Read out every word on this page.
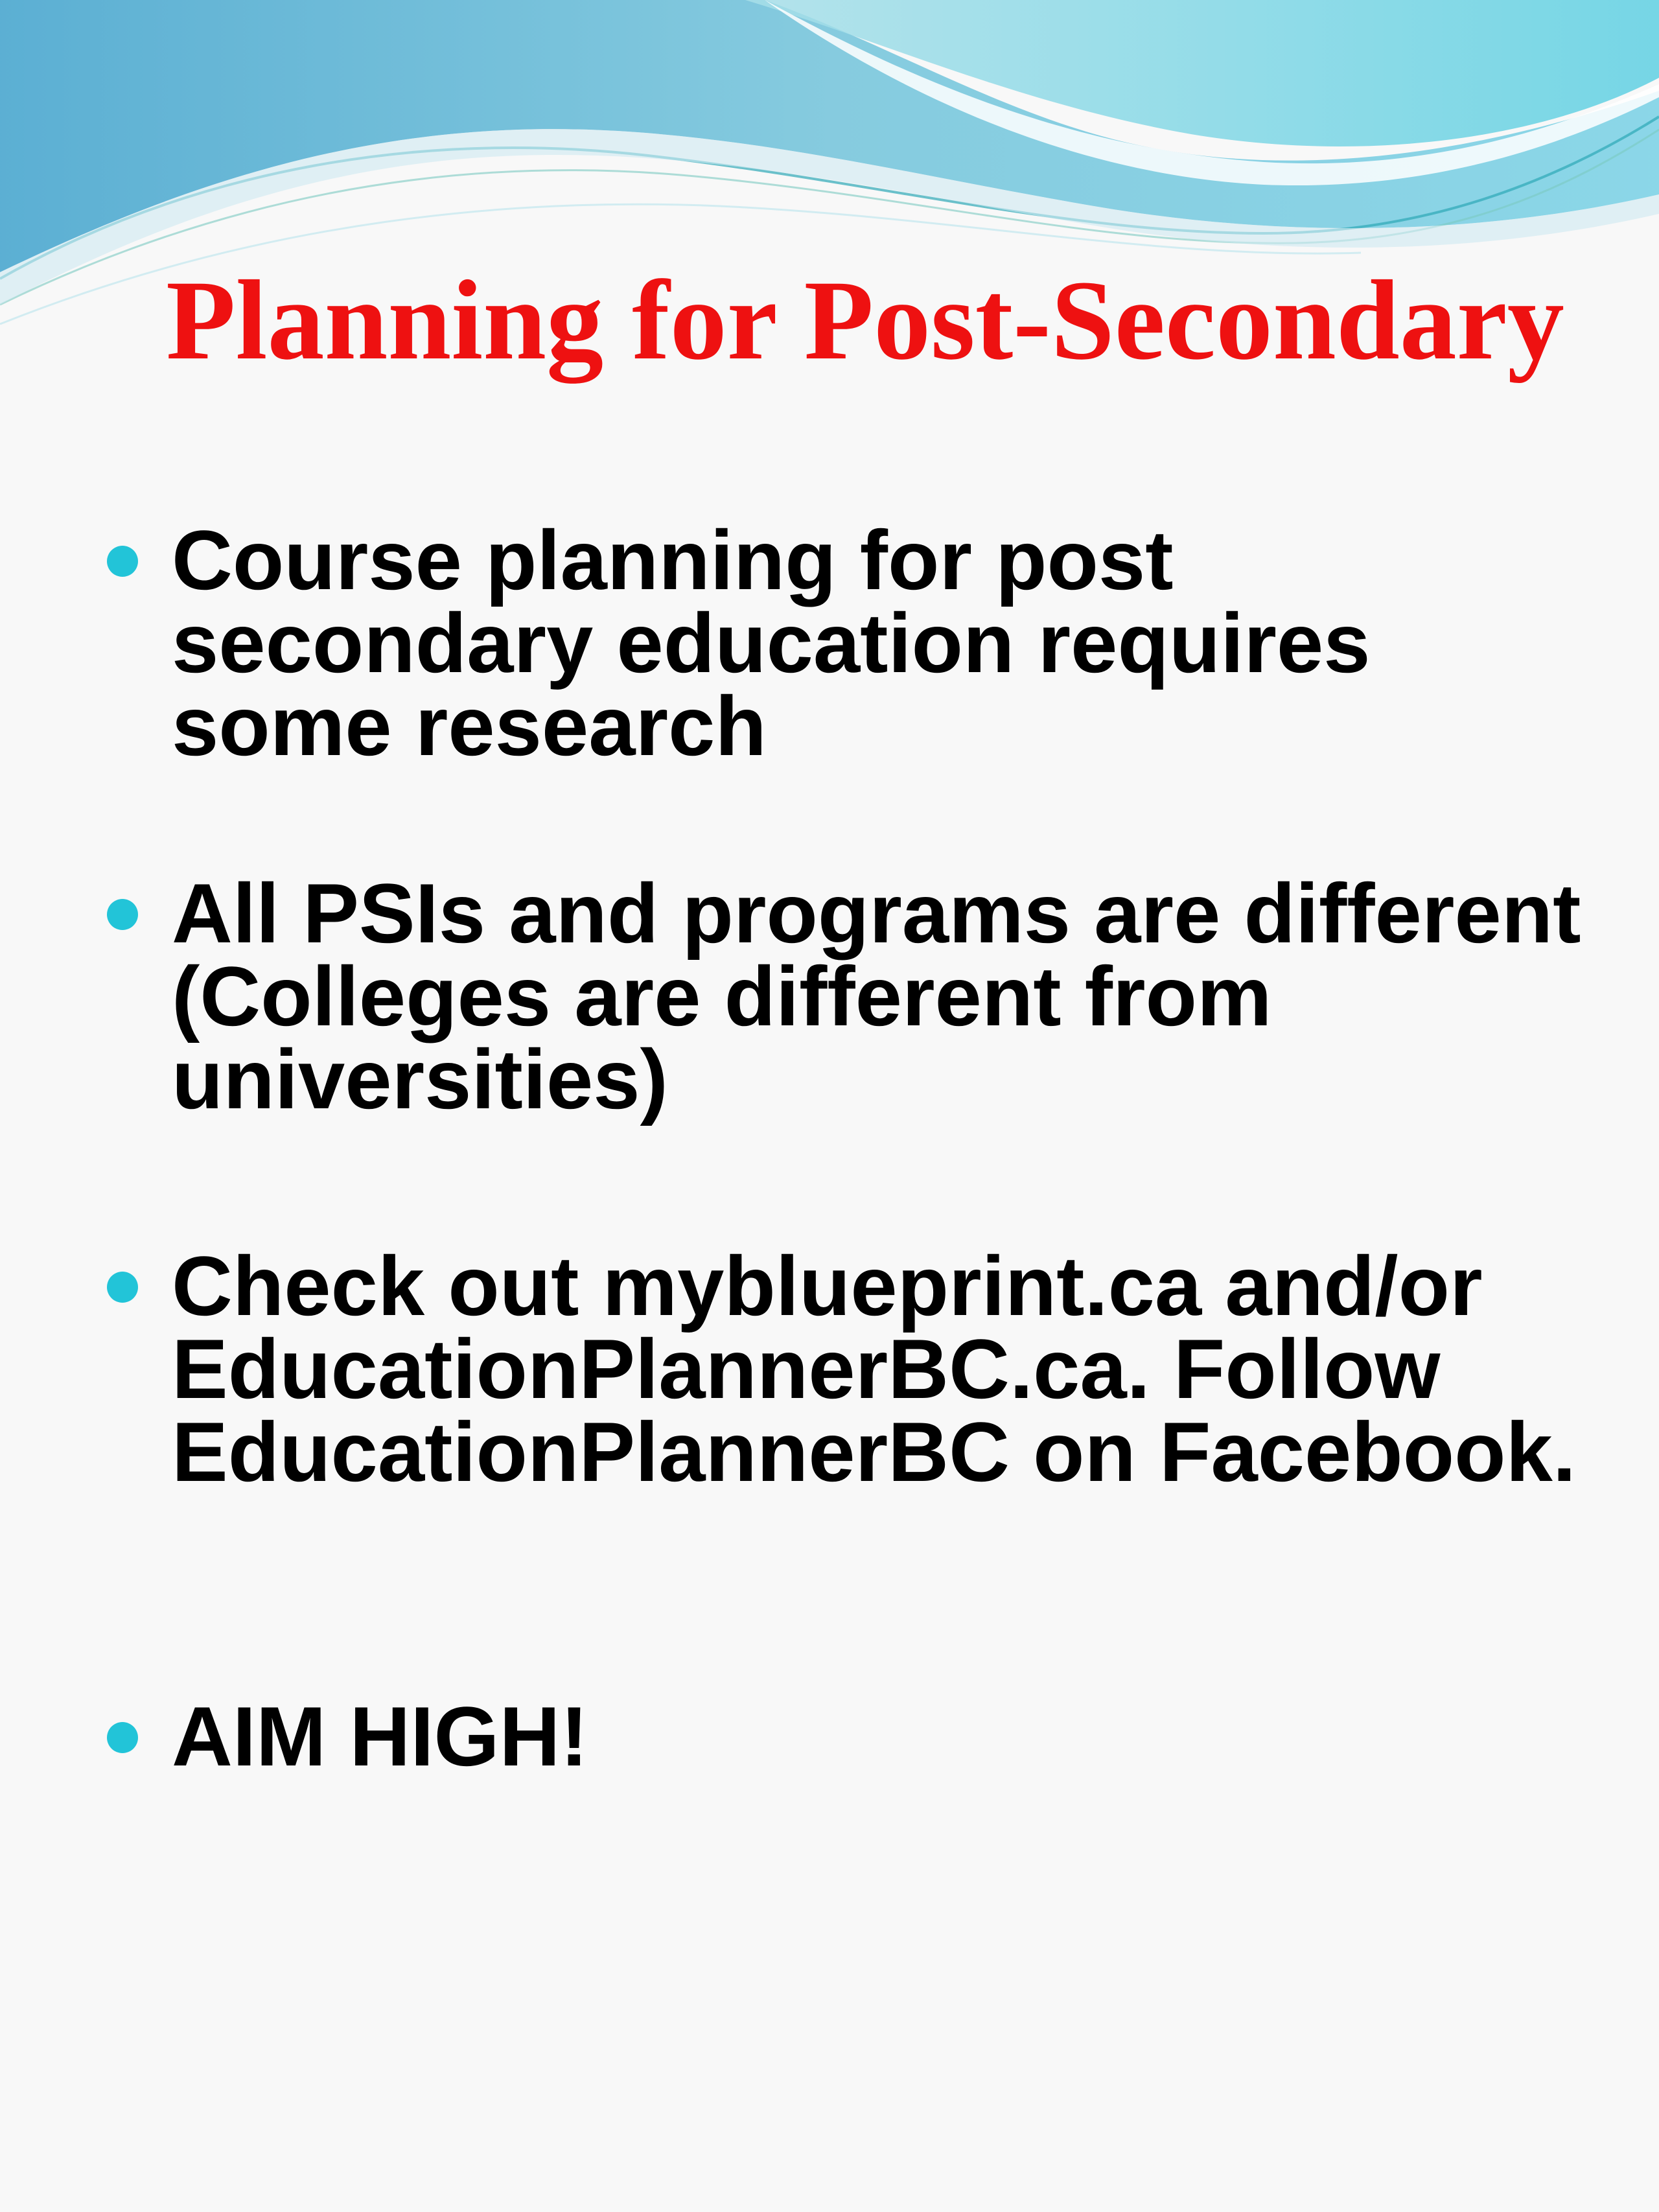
Planning for Post-Secondary
Course planning for post secondary education requires some research
All PSIs and programs are different (Colleges are different from universities)
Check out myblueprint.ca and/or EducationPlannerBC.ca. Follow EducationPlannerBC on Facebook.
AIM HIGH!
